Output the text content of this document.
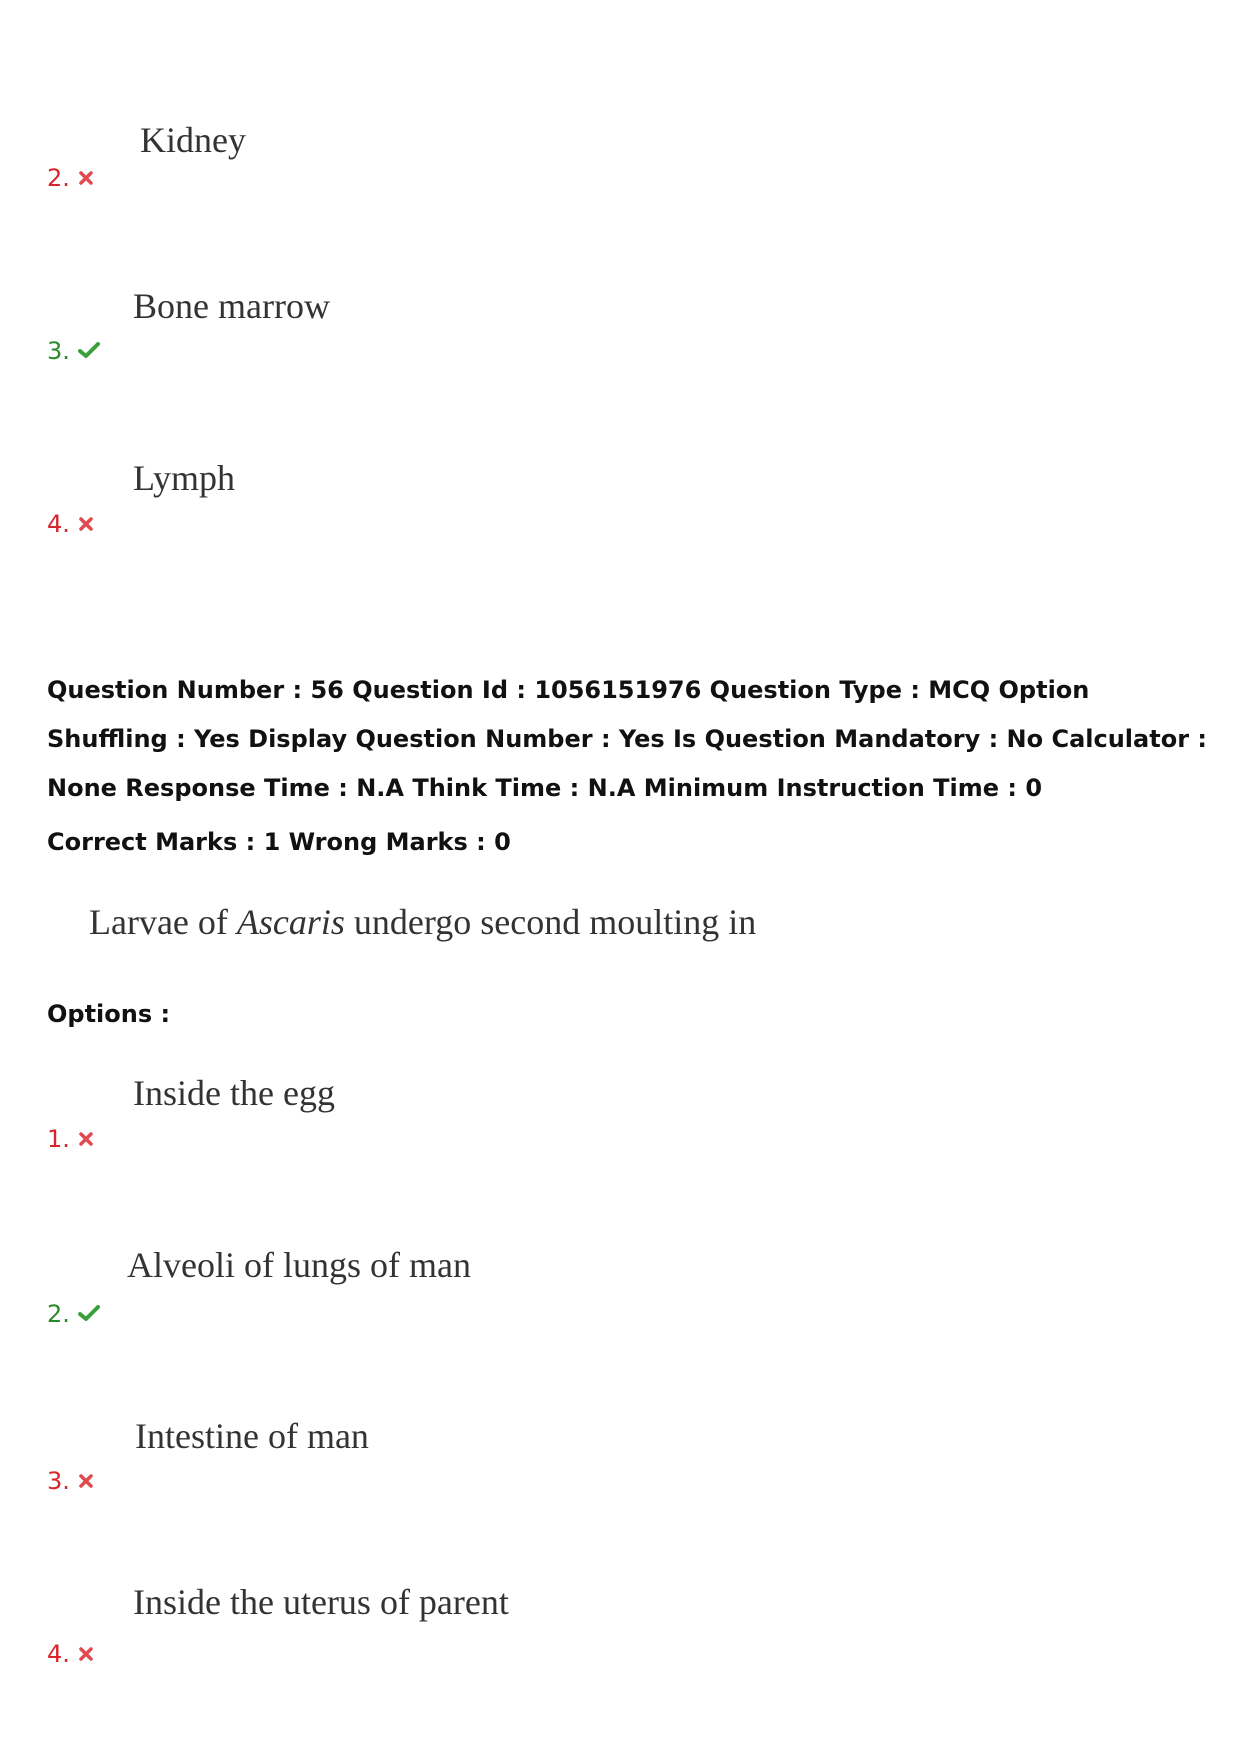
Kidney
2.
Bone marrow
3.
Lymph
4.
Question Number : 56 Question Id : 1056151976 Question Type : MCQ Option Shuffling : Yes Display Question Number : Yes Is Question Mandatory : No Calculator : None Response Time : N.A Think Time : N.A Minimum Instruction Time : 0
Correct Marks : 1 Wrong Marks : 0
Larvae of Ascaris undergo second moulting in
Options :
Inside the egg
1.
Alveoli of lungs of man
2.
Intestine of man
3.
Inside the uterus of parent
4.
